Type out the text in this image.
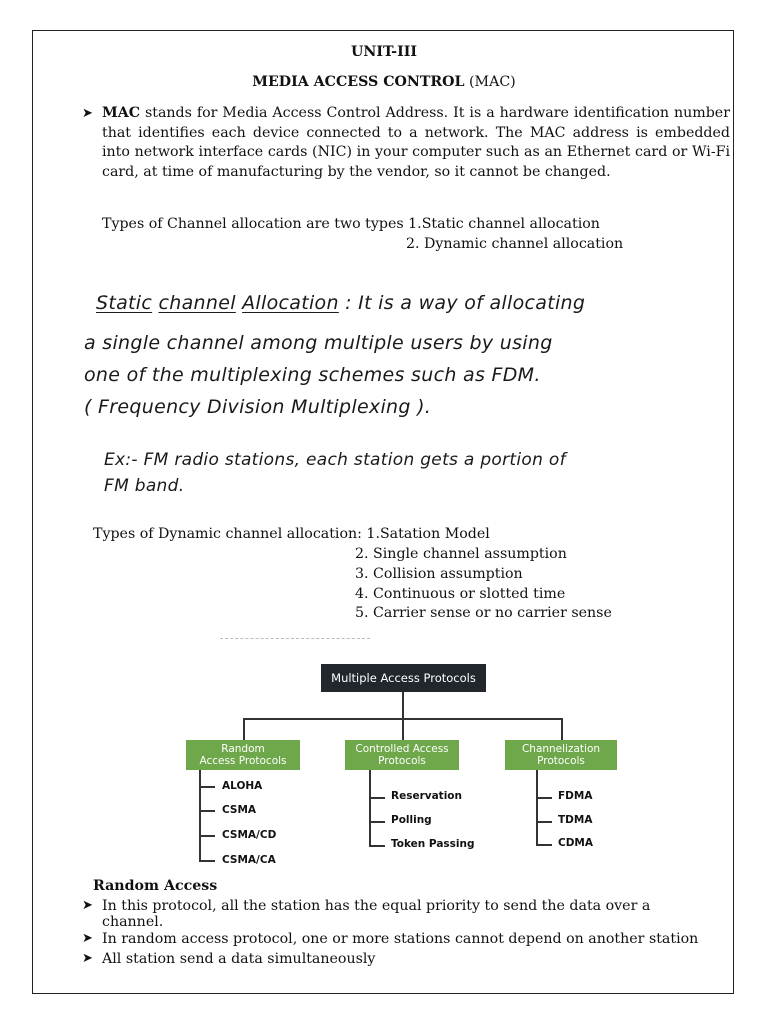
UNIT-III
MEDIA ACCESS CONTROL (MAC)
➤ MAC stands for Media Access Control Address. It is a hardware identification number that identifies each device connected to a network. The MAC address is embedded into network interface cards (NIC) in your computer such as an Ethernet card or Wi-Fi card, at time of manufacturing by the vendor, so it cannot be changed.
Types of Channel allocation are two types 1.Static channel allocation
2. Dynamic channel allocation
Static channel Allocation : It is a way of allocating
a single channel among multiple users by using
one of the multiplexing schemes such as FDM.
( Frequency Division Multiplexing ).
Ex:- FM radio stations, each station gets a portion of
FM band.
Types of Dynamic channel allocation: 1.Satation Model
2. Single channel assumption
3. Collision assumption
4. Continuous or slotted time
5. Carrier sense or no carrier sense
Multiple Access Protocols
Random
Access Protocols
ALOHA
CSMA
CSMA/CD
CSMA/CA
Controlled Access
Protocols
Reservation
Polling
Token Passing
Channelization
Protocols
FDMA
TDMA
CDMA
Random Access
➤ In this protocol, all the station has the equal priority to send the data over a
channel.
➤ In random access protocol, one or more stations cannot depend on another station
➤ All station send a data simultaneously
